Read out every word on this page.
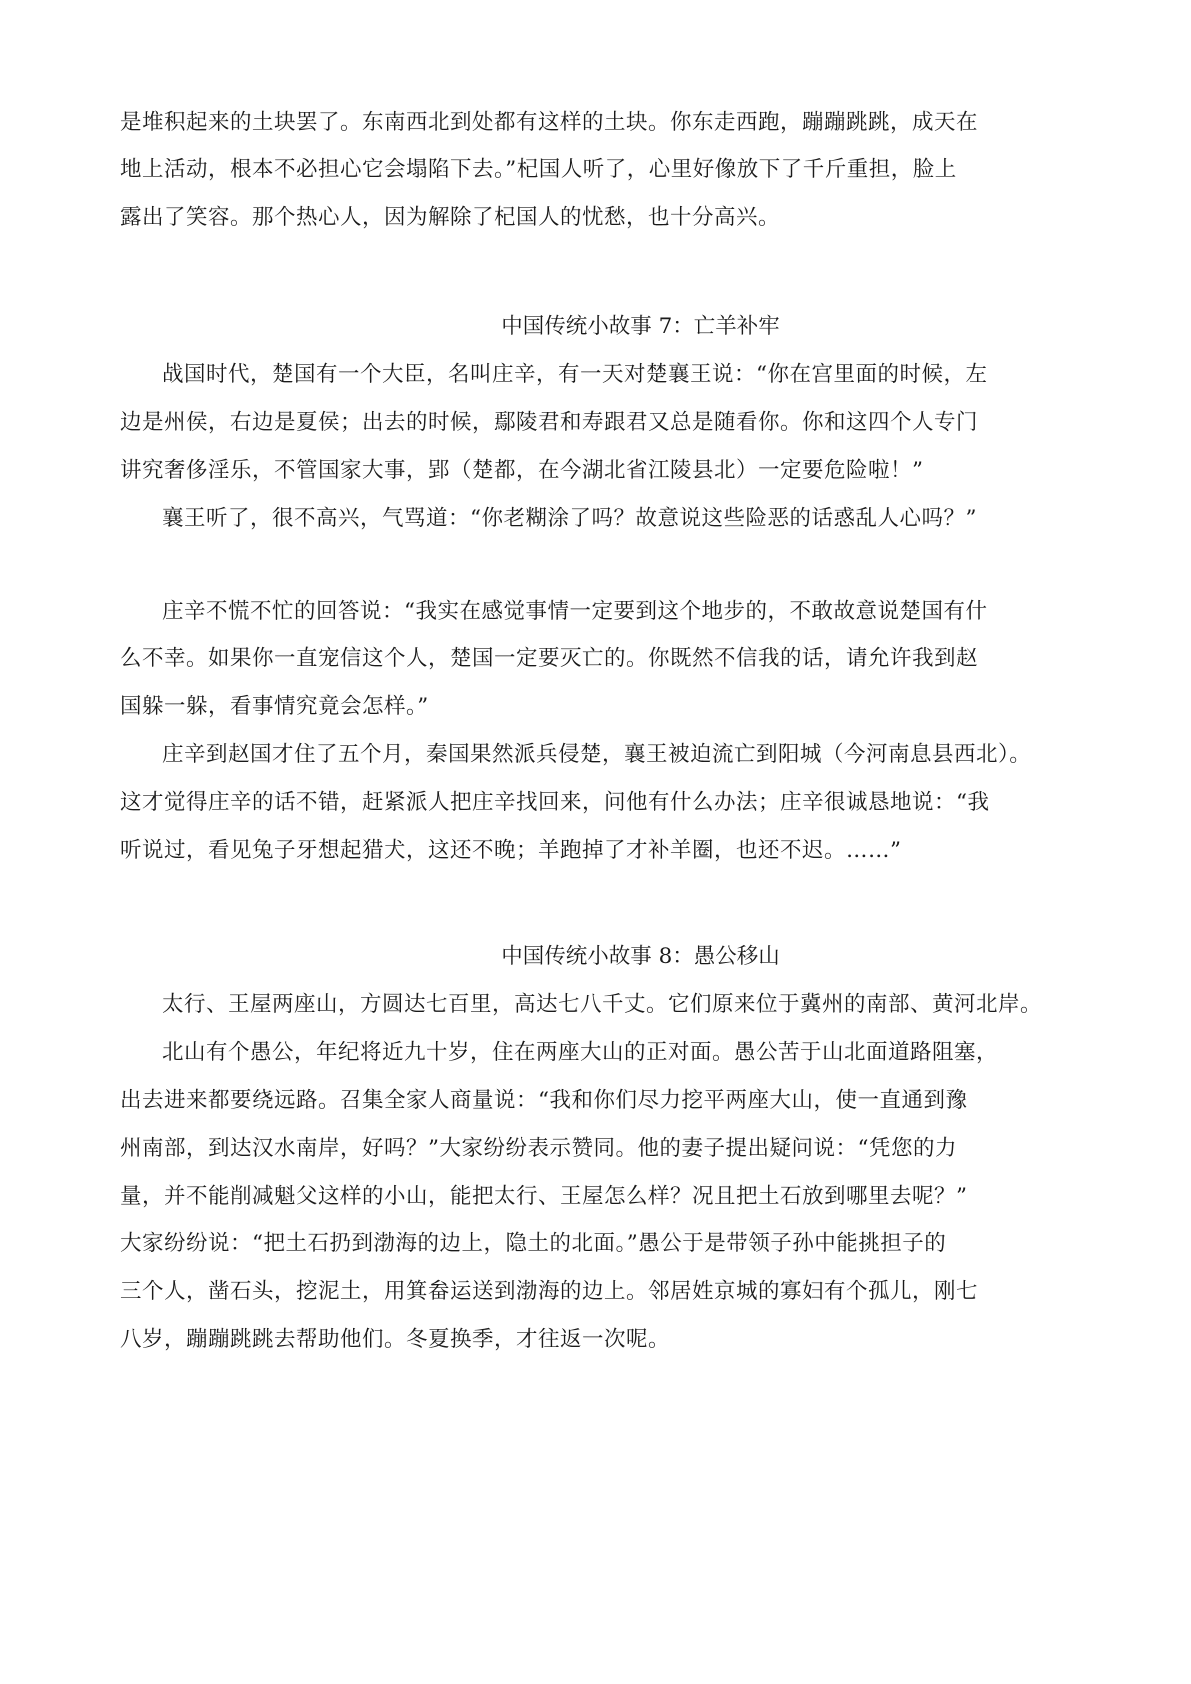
是堆积起来的土块罢了。东南西北到处都有这样的土块。你东走西跑，蹦蹦跳跳，成天在
地上活动，根本不必担心它会塌陷下去。”杞国人听了，心里好像放下了千斤重担，脸上
露出了笑容。那个热心人，因为解除了杞国人的忧愁，也十分高兴。
中国传统小故事 7：亡羊补牢
战国时代，楚国有一个大臣，名叫庄辛，有一天对楚襄王说：“你在宫里面的时候，左
边是州侯，右边是夏侯；出去的时候，鄢陵君和寿跟君又总是随看你。你和这四个人专门
讲究奢侈淫乐，不管国家大事，郢（楚都，在今湖北省江陵县北）一定要危险啦！”
襄王听了，很不高兴，气骂道：“你老糊涂了吗？故意说这些险恶的话惑乱人心吗？”
庄辛不慌不忙的回答说：“我实在感觉事情一定要到这个地步的，不敢故意说楚国有什
么不幸。如果你一直宠信这个人，楚国一定要灭亡的。你既然不信我的话，请允许我到赵
国躲一躲，看事情究竟会怎样。”
庄辛到赵国才住了五个月，秦国果然派兵侵楚，襄王被迫流亡到阳城（今河南息县西北）。
这才觉得庄辛的话不错，赶紧派人把庄辛找回来，问他有什么办法；庄辛很诚恳地说：“我
听说过，看见兔子牙想起猎犬，这还不晚；羊跑掉了才补羊圈，也还不迟。……”
中国传统小故事 8：愚公移山
太行、王屋两座山，方圆达七百里，高达七八千丈。它们原来位于冀州的南部、黄河北岸。
北山有个愚公，年纪将近九十岁，住在两座大山的正对面。愚公苦于山北面道路阻塞，
出去进来都要绕远路。召集全家人商量说：“我和你们尽力挖平两座大山，使一直通到豫
州南部，到达汉水南岸，好吗？”大家纷纷表示赞同。他的妻子提出疑问说：“凭您的力
量，并不能削减魁父这样的小山，能把太行、王屋怎么样？况且把土石放到哪里去呢？”
大家纷纷说：“把土石扔到渤海的边上，隐土的北面。”愚公于是带领子孙中能挑担子的
三个人，凿石头，挖泥土，用箕畚运送到渤海的边上。邻居姓京城的寡妇有个孤儿，刚七
八岁，蹦蹦跳跳去帮助他们。冬夏换季，才往返一次呢。
